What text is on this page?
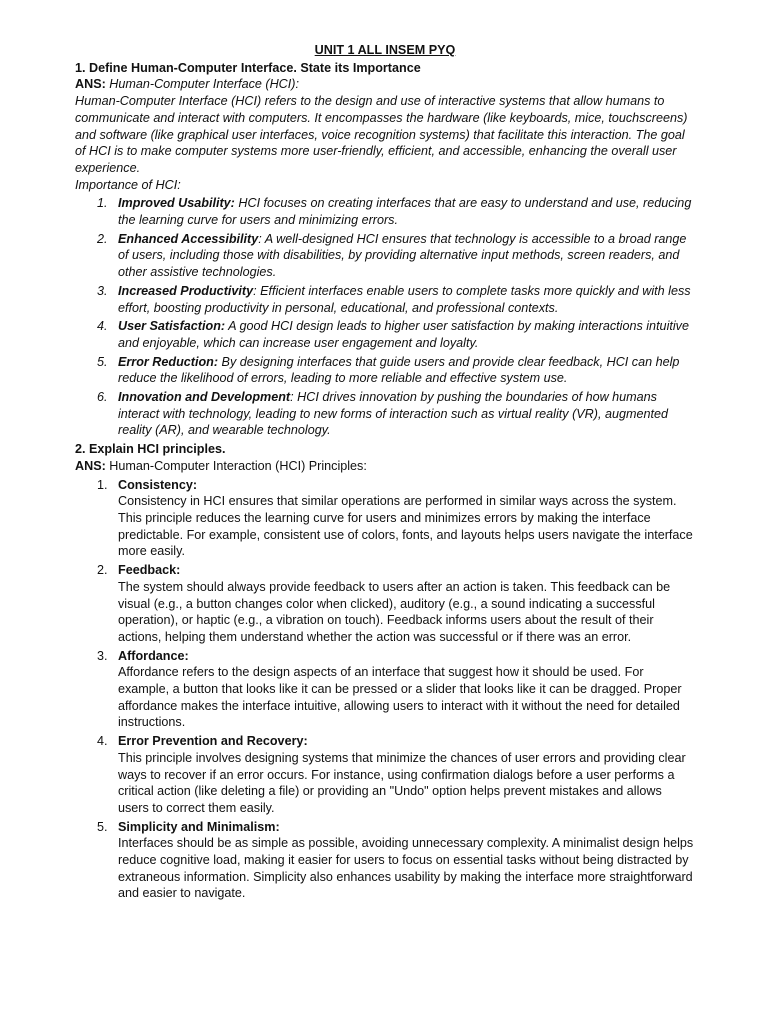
UNIT 1 ALL INSEM PYQ

1. Define Human-Computer Interface. State its Importance

ANS: Human-Computer Interface (HCI):

Human-Computer Interface (HCI) refers to the design and use of interactive systems that allow humans to communicate and interact with computers. It encompasses the hardware (like keyboards, mice, touchscreens) and software (like graphical user interfaces, voice recognition systems) that facilitate this interaction. The goal of HCI is to make computer systems more user-friendly, efficient, and accessible, enhancing the overall user experience.

Importance of HCI:

1. Improved Usability: HCI focuses on creating interfaces that are easy to understand and use, reducing the learning curve for users and minimizing errors.
2. Enhanced Accessibility: A well-designed HCI ensures that technology is accessible to a broad range of users, including those with disabilities, by providing alternative input methods, screen readers, and other assistive technologies.
3. Increased Productivity: Efficient interfaces enable users to complete tasks more quickly and with less effort, boosting productivity in personal, educational, and professional contexts.
4. User Satisfaction: A good HCI design leads to higher user satisfaction by making interactions intuitive and enjoyable, which can increase user engagement and loyalty.
5. Error Reduction: By designing interfaces that guide users and provide clear feedback, HCI can help reduce the likelihood of errors, leading to more reliable and effective system use.
6. Innovation and Development: HCI drives innovation by pushing the boundaries of how humans interact with technology, leading to new forms of interaction such as virtual reality (VR), augmented reality (AR), and wearable technology.

2. Explain HCI principles.

ANS: Human-Computer Interaction (HCI) Principles:

1. Consistency:
Consistency in HCI ensures that similar operations are performed in similar ways across the system. This principle reduces the learning curve for users and minimizes errors by making the interface predictable. For example, consistent use of colors, fonts, and layouts helps users navigate the interface more easily.
2. Feedback:
The system should always provide feedback to users after an action is taken. This feedback can be visual (e.g., a button changes color when clicked), auditory (e.g., a sound indicating a successful operation), or haptic (e.g., a vibration on touch). Feedback informs users about the result of their actions, helping them understand whether the action was successful or if there was an error.
3. Affordance:
Affordance refers to the design aspects of an interface that suggest how it should be used. For example, a button that looks like it can be pressed or a slider that looks like it can be dragged. Proper affordance makes the interface intuitive, allowing users to interact with it without the need for detailed instructions.
4. Error Prevention and Recovery:
This principle involves designing systems that minimize the chances of user errors and providing clear ways to recover if an error occurs. For instance, using confirmation dialogs before a user performs a critical action (like deleting a file) or providing an "Undo" option helps prevent mistakes and allows users to correct them easily.
5. Simplicity and Minimalism:
Interfaces should be as simple as possible, avoiding unnecessary complexity. A minimalist design helps reduce cognitive load, making it easier for users to focus on essential tasks without being distracted by extraneous information. Simplicity also enhances usability by making the interface more straightforward and easier to navigate.
